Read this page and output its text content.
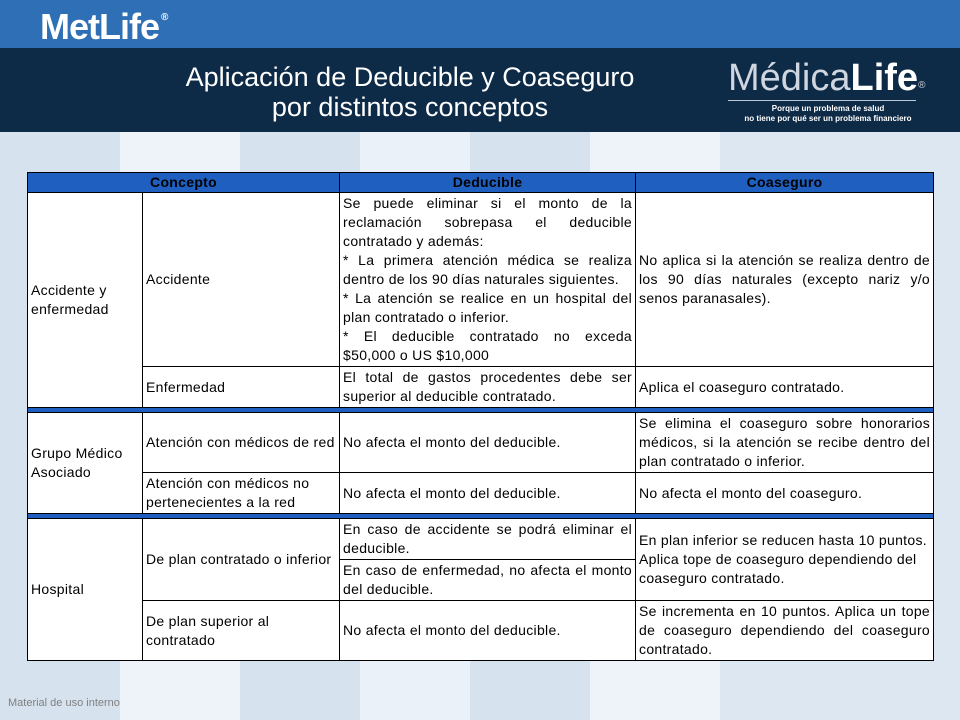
MetLife ®
Aplicación de Deducible y Coaseguro
por distintos conceptos
MédicaLife®
Porque un problema de salud
no tiene por qué ser un problema financiero
Concepto		Deducible	Coaseguro
Accidente y enfermedad	Accidente	Se puede eliminar si el monto de la reclamación sobrepasa el deducible contratado y además:
* La primera atención médica se realiza dentro de los 90 días naturales siguientes.
* La atención se realice en un hospital del plan contratado o inferior.
* El deducible contratado no exceda $50,000 o US $10,000	No aplica si la atención se realiza dentro de los 90 días naturales (excepto nariz y/o senos paranasales).
	Enfermedad	El total de gastos procedentes debe ser superior al deducible contratado.	Aplica el coaseguro contratado.

Grupo Médico Asociado	Atención con médicos de red	No afecta el monto del deducible.	Se elimina el coaseguro sobre honorarios médicos, si la atención se recibe dentro del plan contratado o inferior.
	Atención con médicos no pertenecientes a la red	No afecta el monto del deducible.	No afecta el monto del coaseguro.

Hospital	De plan contratado o inferior	En caso de accidente se podrá eliminar el deducible.	En plan inferior se reducen hasta 10 puntos. Aplica tope de coaseguro dependiendo del coaseguro contratado.
		En caso de enfermedad, no afecta el monto del deducible.	
	De plan superior al contratado	No afecta el monto del deducible.	Se incrementa en 10 puntos. Aplica un tope de coaseguro dependiendo del coaseguro contratado.
Material de uso interno
